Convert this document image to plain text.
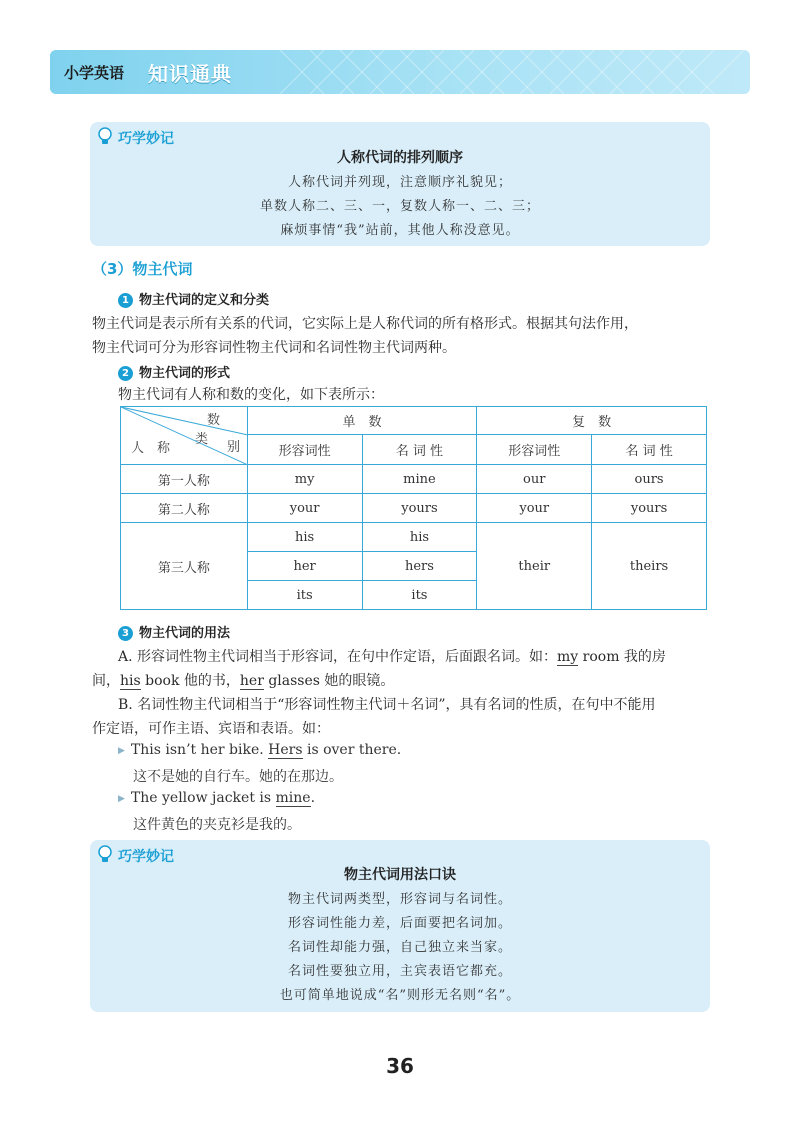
小学英语 知识通典
巧学妙记
人称代词的排列顺序
人称代词并列现，注意顺序礼貌见；
单数人称二、三、一，复数人称一、二、三；
麻烦事情“我”站前，其他人称没意见。
（3）物主代词
1 物主代词的定义和分类
物主代词是表示所有关系的代词，它实际上是人称代词的所有格形式。根据其句法作用，
物主代词可分为形容词性物主代词和名词性物主代词两种。
2 物主代词的形式
物主代词有人称和数的变化，如下表所示：
数
类
别
人 称	单　数		复　数	
	形容词性	名 词 性	形容词性	名 词 性
第一人称	my	mine	our	ours
第二人称	your	yours	your	yours
第三人称	his	his	their	theirs
	her	hers		
	its	its		
3 物主代词的用法
A. 形容词性物主代词相当于形容词，在句中作定语，后面跟名词。如：my room 我的房
间，his book 他的书，her glasses 她的眼镜。
B. 名词性物主代词相当于“形容词性物主代词＋名词”，具有名词的性质，在句中不能用
作定语，可作主语、宾语和表语。如：
▶ This isn’t her bike. Hers is over there.
这不是她的自行车。她的在那边。
▶ The yellow jacket is mine.
这件黄色的夹克衫是我的。
巧学妙记
物主代词用法口诀
物主代词两类型，形容词与名词性。
形容词性能力差，后面要把名词加。
名词性却能力强，自己独立来当家。
名词性要独立用，主宾表语它都充。
也可简单地说成“名”则形无名则“名”。
36
